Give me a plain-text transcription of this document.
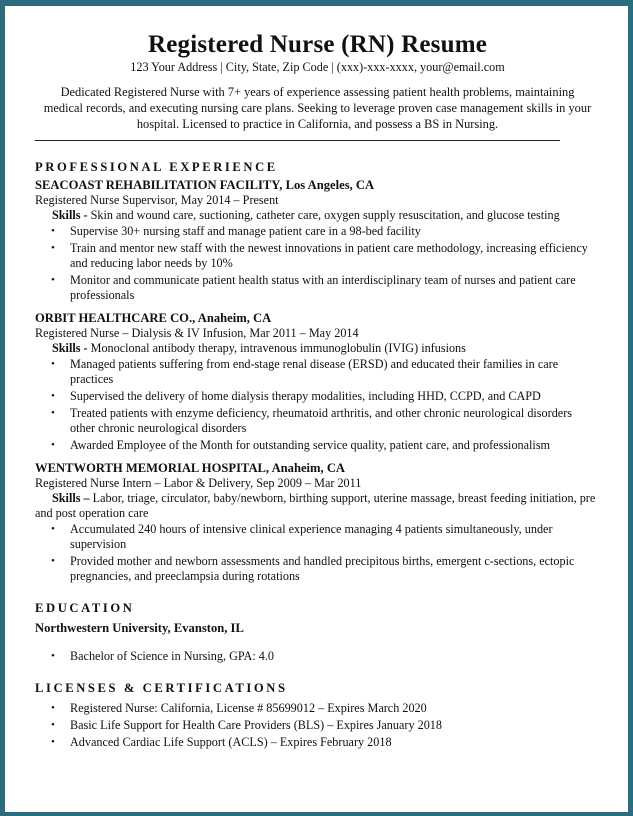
Registered Nurse (RN) Resume
123 Your Address | City, State, Zip Code | (xxx)-xxx-xxxx, your@email.com
Dedicated Registered Nurse with 7+ years of experience assessing patient health problems, maintaining medical records, and executing nursing care plans. Seeking to leverage proven case management skills in your hospital. Licensed to practice in California, and possess a BS in Nursing.
PROFESSIONAL EXPERIENCE
SEACOAST REHABILITATION FACILITY, Los Angeles, CA
Registered Nurse Supervisor, May 2014 – Present
Skills - Skin and wound care, suctioning, catheter care, oxygen supply resuscitation, and glucose testing
• Supervise 30+ nursing staff and manage patient care in a 98-bed facility
• Train and mentor new staff with the newest innovations in patient care methodology, increasing efficiency and reducing labor needs by 10%
• Monitor and communicate patient health status with an interdisciplinary team of nurses and patient care professionals
ORBIT HEALTHCARE CO., Anaheim, CA
Registered Nurse – Dialysis & IV Infusion, Mar 2011 – May 2014
Skills - Monoclonal antibody therapy, intravenous immunoglobulin (IVIG) infusions
• Managed patients suffering from end-stage renal disease (ERSD) and educated their families in care practices
• Supervised the delivery of home dialysis therapy modalities, including HHD, CCPD, and CAPD
• Treated patients with enzyme deficiency, rheumatoid arthritis, and other chronic neurological disorders other chronic neurological disorders
• Awarded Employee of the Month for outstanding service quality, patient care, and professionalism
WENTWORTH MEMORIAL HOSPITAL, Anaheim, CA
Registered Nurse Intern – Labor & Delivery, Sep 2009 – Mar 2011
Skills – Labor, triage, circulator, baby/newborn, birthing support, uterine massage, breast feeding initiation, pre and post operation care
• Accumulated 240 hours of intensive clinical experience managing 4 patients simultaneously, under supervision
• Provided mother and newborn assessments and handled precipitous births, emergent c-sections, ectopic pregnancies, and preeclampsia during rotations
EDUCATION
Northwestern University, Evanston, IL
• Bachelor of Science in Nursing, GPA: 4.0
LICENSES & CERTIFICATIONS
• Registered Nurse: California, License # 85699012 – Expires March 2020
• Basic Life Support for Health Care Providers (BLS) – Expires January 2018
• Advanced Cardiac Life Support (ACLS) – Expires February 2018
